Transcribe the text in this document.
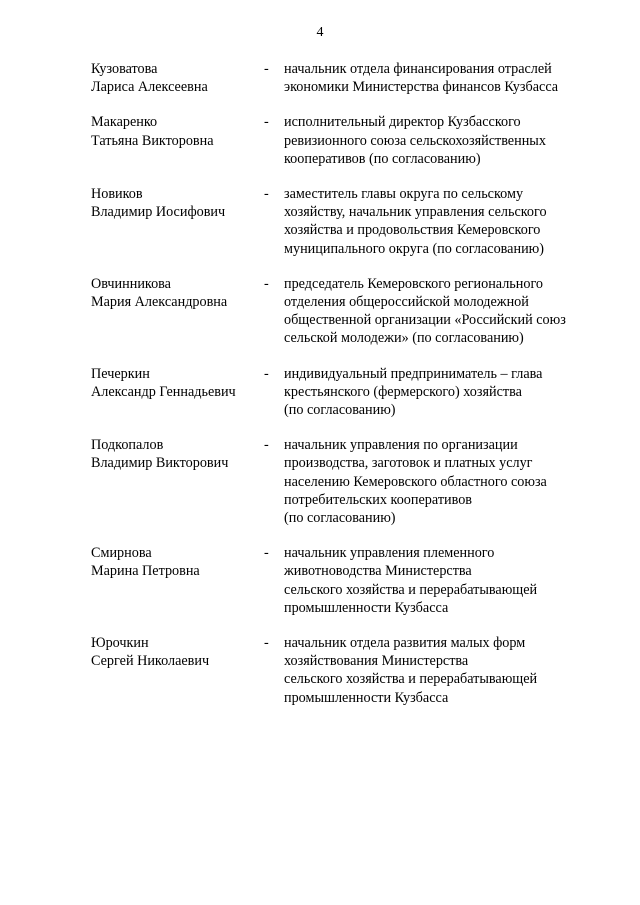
4
Кузоватова
Лариса Алексеевна
-	начальник отдела финансирования отраслей
экономики Министерства финансов Кузбасса
Макаренко
Татьяна Викторовна
-	исполнительный директор Кузбасского
ревизионного союза сельскохозяйственных
кооперативов (по согласованию)
Новиков
Владимир Иосифович
-	заместитель главы округа по сельскому
хозяйству, начальник управления сельского
хозяйства и продовольствия Кемеровского
муниципального округа (по согласованию)
Овчинникова
Мария Александровна
-	председатель Кемеровского регионального
отделения общероссийской молодежной
общественной организации «Российский союз
сельской молодежи» (по согласованию)
Печеркин
Александр Геннадьевич
-	индивидуальный предприниматель – глава
крестьянского (фермерского) хозяйства
(по согласованию)
Подкопалов
Владимир Викторович
-	начальник управления по организации
производства, заготовок и платных услуг
населению Кемеровского областного союза
потребительских кооперативов
(по согласованию)
Смирнова
Марина Петровна
-	начальник управления племенного
животноводства Министерства
сельского хозяйства и перерабатывающей
промышленности Кузбасса
Юрочкин
Сергей Николаевич
-	начальник отдела развития малых форм
хозяйствования Министерства
сельского хозяйства и перерабатывающей
промышленности Кузбасса
